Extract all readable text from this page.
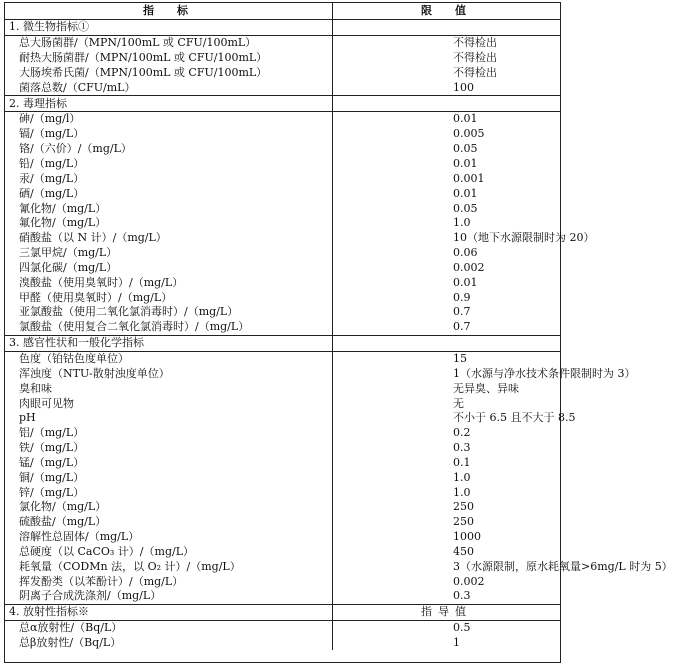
指　标	限　值
1. 微生物指标①	
总大肠菌群/（MPN/100mL 或 CFU/100mL）	不得检出
耐热大肠菌群/（MPN/100mL 或 CFU/100mL）	不得检出
大肠埃希氏菌/（MPN/100mL 或 CFU/100mL）	不得检出
菌落总数/（CFU/mL）	100
2. 毒理指标	
砷/（mg/l）	0.01
镉/（mg/L）	0.005
铬/（六价）/（mg/L）	0.05
铅/（mg/L）	0.01
汞/（mg/L）	0.001
硒/（mg/L）	0.01
氰化物/（mg/L）	0.05
氟化物/（mg/L）	1.0
硝酸盐（以 N 计）/（mg/L）	10（地下水源限制时为 20）
三氯甲烷/（mg/L）	0.06
四氯化碳/（mg/L）	0.002
溴酸盐（使用臭氧时）/（mg/L）	0.01
甲醛（使用臭氧时）/（mg/L）	0.9
亚氯酸盐（使用二氧化氯消毒时）/（mg/L）	0.7
氯酸盐（使用复合二氧化氯消毒时）/（mg/L）	0.7
3. 感官性状和一般化学指标	
色度（铂钴色度单位）	15
浑浊度（NTU-散射浊度单位）	1（水源与净水技术条件限制时为 3）
臭和味	无异臭、异味
肉眼可见物	无
pH	不小于 6.5 且不大于 8.5
铝/（mg/L）	0.2
铁/（mg/L）	0.3
锰/（mg/L）	0.1
铜/（mg/L）	1.0
锌/（mg/L）	1.0
氯化物/（mg/L）	250
硫酸盐/（mg/L）	250
溶解性总固体/（mg/L）	1000
总硬度（以 CaCO₃ 计）/（mg/L）	450
耗氧量（CODMn 法，以 O₂ 计）/（mg/L）	3（水源限制，原水耗氧量>6mg/L 时为 5）
挥发酚类（以苯酚计）/（mg/L）	0.002
阴离子合成洗涤剂/（mg/L）	0.3
4. 放射性指标※	指导值
总α放射性/（Bq/L）	0.5
总β放射性/（Bq/L）	1
